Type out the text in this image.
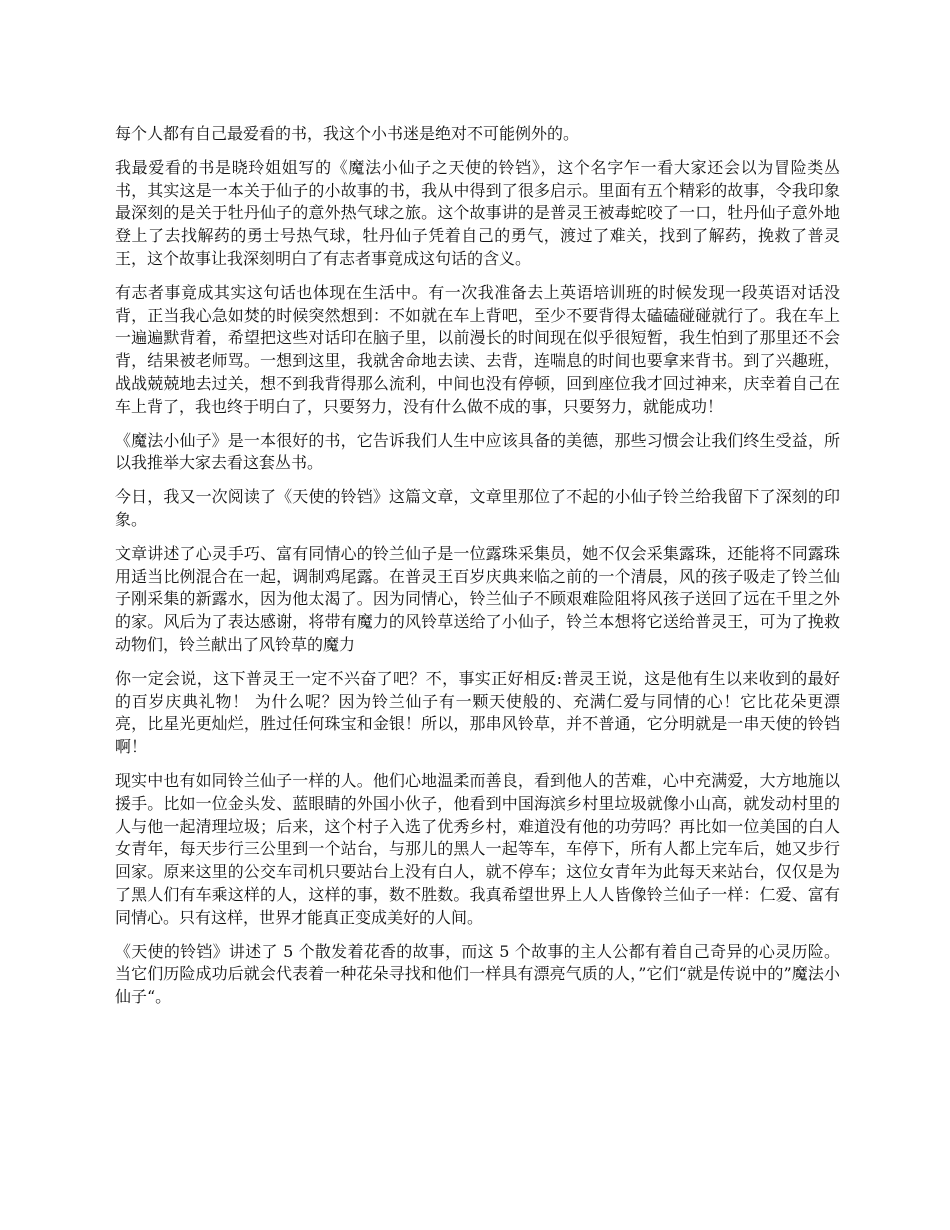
每个人都有自己最爱看的书，我这个小书迷是绝对不可能例外的。

我最爱看的书是晓玲姐姐写的《魔法小仙子之天使的铃铛》，这个名字乍一看大家还会以为冒险类丛书，其实这是一本关于仙子的小故事的书，我从中得到了很多启示。里面有五个精彩的故事，令我印象最深刻的是关于牡丹仙子的意外热气球之旅。这个故事讲的是普灵王被毒蛇咬了一口，牡丹仙子意外地登上了去找解药的勇士号热气球，牡丹仙子凭着自己的勇气，渡过了难关，找到了解药，挽救了普灵王，这个故事让我深刻明白了有志者事竟成这句话的含义。

有志者事竟成其实这句话也体现在生活中。有一次我准备去上英语培训班的时候发现一段英语对话没背，正当我心急如焚的时候突然想到：不如就在车上背吧，至少不要背得太磕磕碰碰就行了。我在车上一遍遍默背着，希望把这些对话印在脑子里，以前漫长的时间现在似乎很短暂，我生怕到了那里还不会背，结果被老师骂。一想到这里，我就舍命地去读、去背，连喘息的时间也要拿来背书。到了兴趣班，战战兢兢地去过关，想不到我背得那么流利，中间也没有停顿，回到座位我才回过神来，庆幸着自己在车上背了，我也终于明白了，只要努力，没有什么做不成的事，只要努力，就能成功！

《魔法小仙子》是一本很好的书，它告诉我们人生中应该具备的美德，那些习惯会让我们终生受益，所以我推举大家去看这套丛书。

今日，我又一次阅读了《天使的铃铛》这篇文章，文章里那位了不起的小仙子铃兰给我留下了深刻的印象。

文章讲述了心灵手巧、富有同情心的铃兰仙子是一位露珠采集员，她不仅会采集露珠，还能将不同露珠用适当比例混合在一起，调制鸡尾露。在普灵王百岁庆典来临之前的一个清晨，风的孩子吸走了铃兰仙子刚采集的新露水，因为他太渴了。因为同情心，铃兰仙子不顾艰难险阻将风孩子送回了远在千里之外的家。风后为了表达感谢，将带有魔力的风铃草送给了小仙子，铃兰本想将它送给普灵王，可为了挽救动物们，铃兰献出了风铃草的魔力

你一定会说，这下普灵王一定不兴奋了吧？不，事实正好相反:普灵王说，这是他有生以来收到的最好的百岁庆典礼物！ 为什么呢？因为铃兰仙子有一颗天使般的、充满仁爱与同情的心！它比花朵更漂亮，比星光更灿烂，胜过任何珠宝和金银！所以，那串风铃草，并不普通，它分明就是一串天使的铃铛啊！

现实中也有如同铃兰仙子一样的人。他们心地温柔而善良，看到他人的苦难，心中充满爱，大方地施以援手。比如一位金头发、蓝眼睛的外国小伙子，他看到中国海滨乡村里垃圾就像小山高，就发动村里的人与他一起清理垃圾；后来，这个村子入选了优秀乡村，难道没有他的功劳吗？再比如一位美国的白人女青年，每天步行三公里到一个站台，与那儿的黑人一起等车，车停下，所有人都上完车后，她又步行回家。原来这里的公交车司机只要站台上没有白人，就不停车；这位女青年为此每天来站台，仅仅是为了黑人们有车乘这样的人，这样的事，数不胜数。我真希望世界上人人皆像铃兰仙子一样：仁爱、富有同情心。只有这样，世界才能真正变成美好的人间。

《天使的铃铛》讲述了 5 个散发着花香的故事，而这 5 个故事的主人公都有着自己奇异的心灵历险。当它们历险成功后就会代表着一种花朵寻找和他们一样具有漂亮气质的人，”它们“就是传说中的”魔法小仙子“。
